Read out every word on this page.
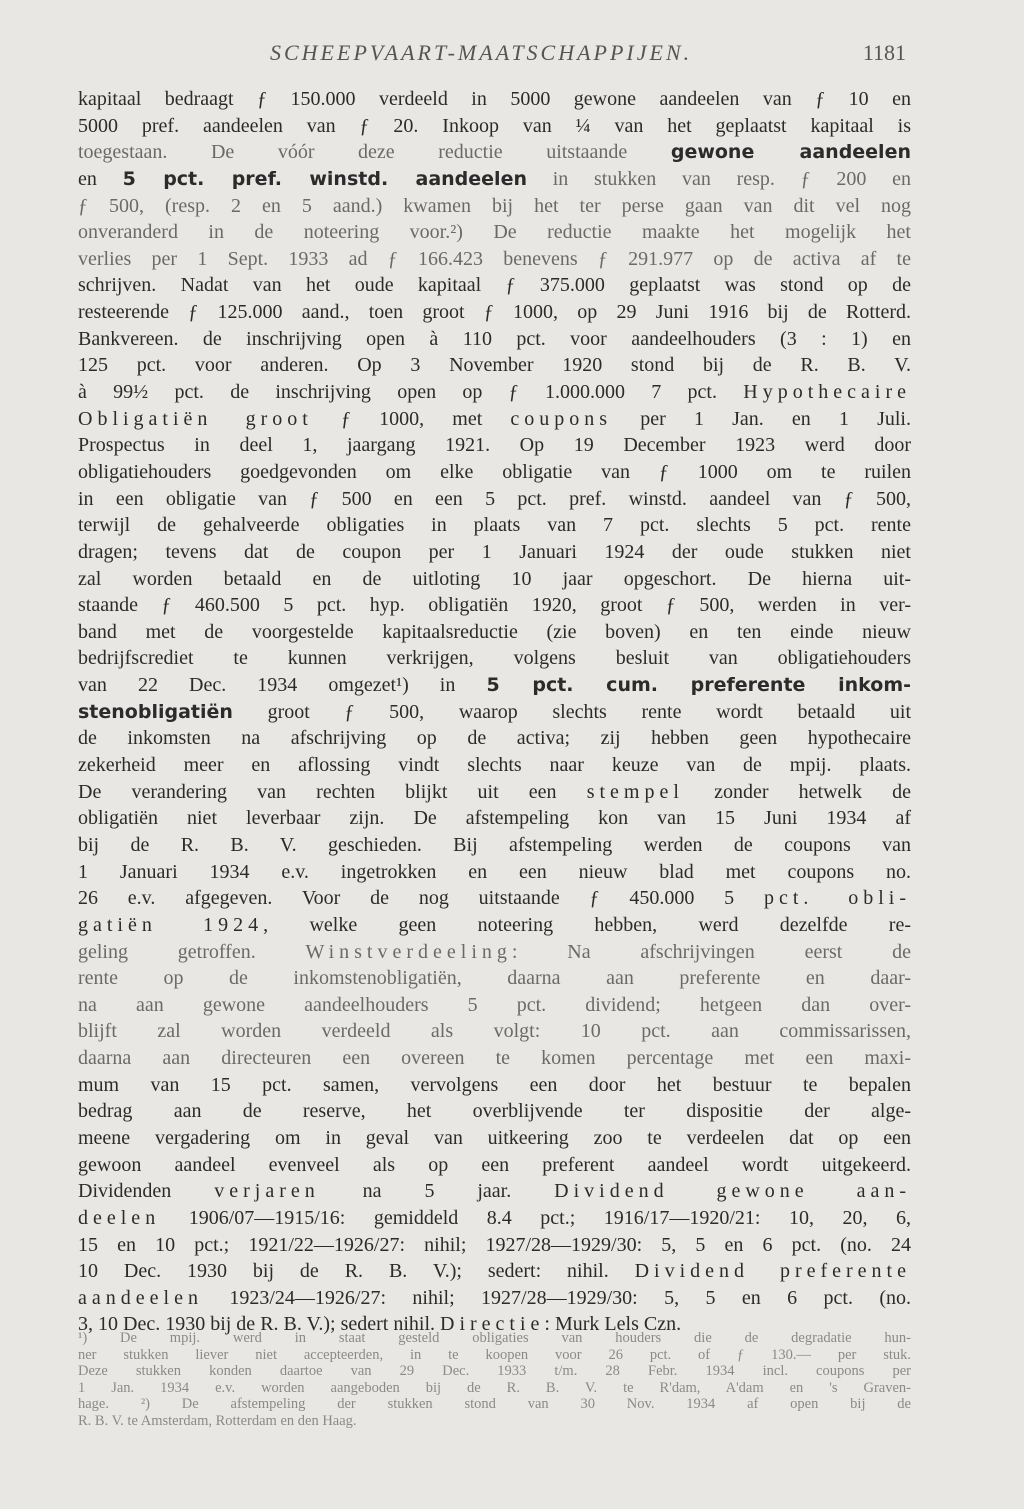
SCHEEPVAART-MAATSCHAPPIJEN.	1181
kapitaal bedraagt ƒ 150.000 verdeeld in 5000 gewone aandeelen van ƒ 10 en
5000 pref. aandeelen van ƒ 20. Inkoop van ¼ van het geplaatst kapitaal is
toegestaan. De vóór deze reductie uitstaande gewone aandeelen
en 5 pct. pref. winstd. aandeelen in stukken van resp. ƒ 200 en
ƒ 500, (resp. 2 en 5 aand.) kwamen bij het ter perse gaan van dit vel nog
onveranderd in de noteering voor.²) De reductie maakte het mogelijk het
verlies per 1 Sept. 1933 ad ƒ 166.423 benevens ƒ 291.977 op de activa af te
schrijven. Nadat van het oude kapitaal ƒ 375.000 geplaatst was stond op de
resteerende ƒ 125.000 aand., toen groot ƒ 1000, op 29 Juni 1916 bij de Rotterd.
Bankvereen. de inschrijving open à 110 pct. voor aandeelhouders (3 : 1) en
125 pct. voor anderen. Op 3 November 1920 stond bij de R. B. V.
à 99½ pct. de inschrijving open op ƒ 1.000.000 7 pct. Hypothecaire
Obligatiën groot ƒ 1000, met coupons per 1 Jan. en 1 Juli.
Prospectus in deel 1, jaargang 1921. Op 19 December 1923 werd door
obligatiehouders goedgevonden om elke obligatie van ƒ 1000 om te ruilen
in een obligatie van ƒ 500 en een 5 pct. pref. winstd. aandeel van ƒ 500,
terwijl de gehalveerde obligaties in plaats van 7 pct. slechts 5 pct. rente
dragen; tevens dat de coupon per 1 Januari 1924 der oude stukken niet
zal worden betaald en de uitloting 10 jaar opgeschort. De hierna uit-
staande ƒ 460.500 5 pct. hyp. obligatiën 1920, groot ƒ 500, werden in ver-
band met de voorgestelde kapitaalsreductie (zie boven) en ten einde nieuw
bedrijfscrediet te kunnen verkrijgen, volgens besluit van obligatiehouders
van 22 Dec. 1934 omgezet¹) in 5 pct. cum. preferente inkom-
stenobligatiën groot ƒ 500, waarop slechts rente wordt betaald uit
de inkomsten na afschrijving op de activa; zij hebben geen hypothecaire
zekerheid meer en aflossing vindt slechts naar keuze van de mpij. plaats.
De verandering van rechten blijkt uit een stempel zonder hetwelk de
obligatiën niet leverbaar zijn. De afstempeling kon van 15 Juni 1934 af
bij de R. B. V. geschieden. Bij afstempeling werden de coupons van
1 Januari 1934 e.v. ingetrokken en een nieuw blad met coupons no.
26 e.v. afgegeven. Voor de nog uitstaande ƒ 450.000 5 pct. obli-
gatiën 1924, welke geen noteering hebben, werd dezelfde re-
geling getroffen. Winstverdeeling: Na afschrijvingen eerst de
rente op de inkomstenobligatiën, daarna aan preferente en daar-
na aan gewone aandeelhouders 5 pct. dividend; hetgeen dan over-
blijft zal worden verdeeld als volgt: 10 pct. aan commissarissen,
daarna aan directeuren een overeen te komen percentage met een maxi-
mum van 15 pct. samen, vervolgens een door het bestuur te bepalen
bedrag aan de reserve, het overblijvende ter dispositie der alge-
meene vergadering om in geval van uitkeering zoo te verdeelen dat op een
gewoon aandeel evenveel als op een preferent aandeel wordt uitgekeerd.
Dividenden verjaren na 5 jaar. Dividend gewone aan-
deelen 1906/07—1915/16: gemiddeld 8.4 pct.; 1916/17—1920/21: 10, 20, 6,
15 en 10 pct.; 1921/22—1926/27: nihil; 1927/28—1929/30: 5, 5 en 6 pct. (no. 24
10 Dec. 1930 bij de R. B. V.); sedert: nihil. Dividend preferente
aandeelen 1923/24—1926/27: nihil; 1927/28—1929/30: 5, 5 en 6 pct. (no.
3, 10 Dec. 1930 bij de R. B. V.); sedert nihil. Directie: Murk Lels Czn.
¹) De mpij. werd in staat gesteld obligaties van houders die de degradatie hun-
ner stukken liever niet accepteerden, in te koopen voor 26 pct. of ƒ 130.— per stuk.
Deze stukken konden daartoe van 29 Dec. 1933 t/m. 28 Febr. 1934 incl. coupons per
1 Jan. 1934 e.v. worden aangeboden bij de R. B. V. te R'dam, A'dam en 's Graven-
hage. ²) De afstempeling der stukken stond van 30 Nov. 1934 af open bij de
R. B. V. te Amsterdam, Rotterdam en den Haag.
